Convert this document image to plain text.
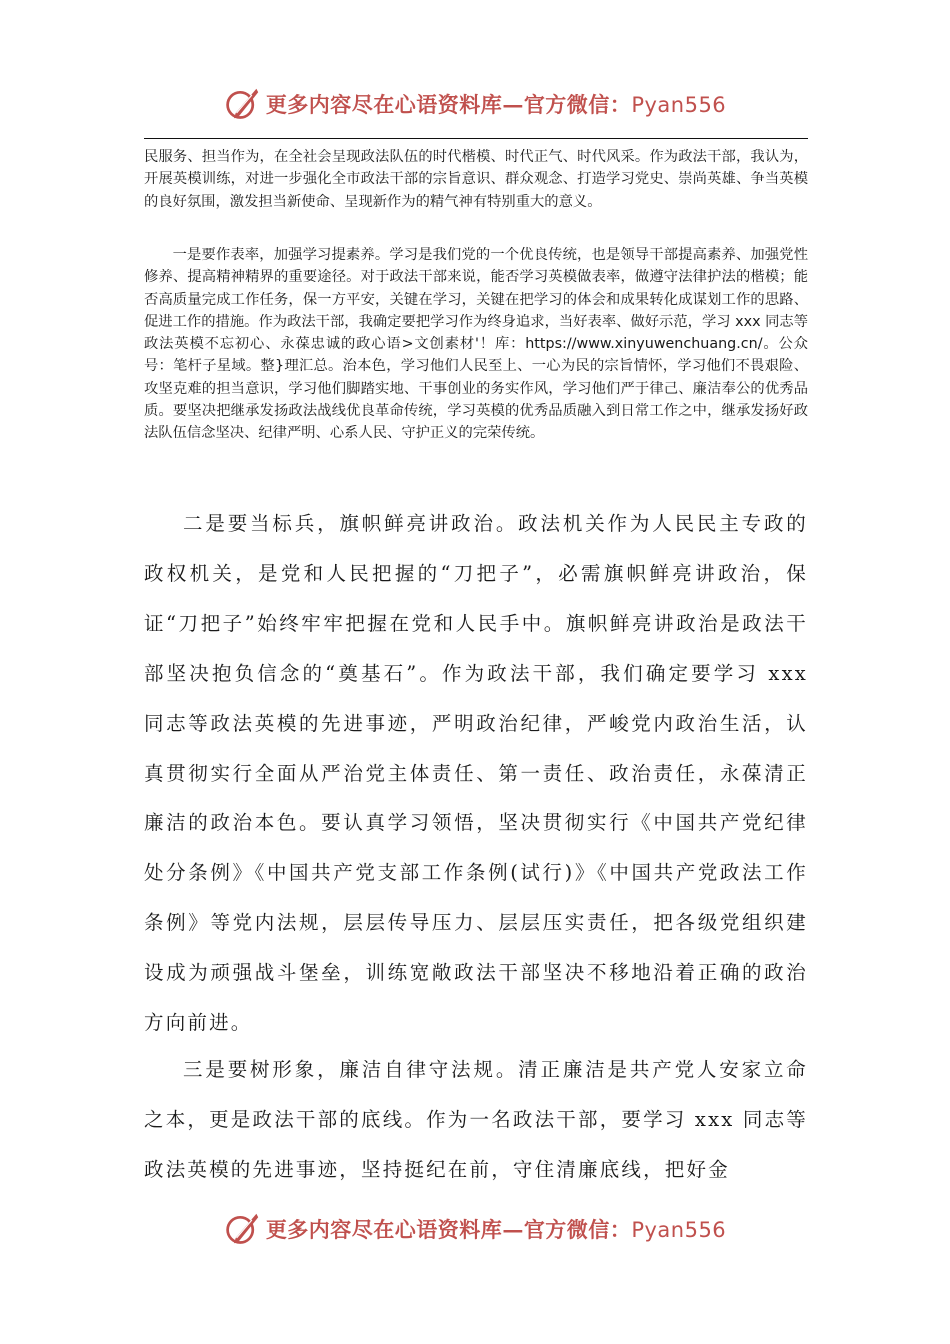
更多内容尽在心语资料库—官方微信：Pyan556

民服务、担当作为，在全社会呈现政法队伍的时代楷模、时代正气、时代风采。作为政法干部，我认为，开展英模训练，对进一步强化全市政法干部的宗旨意识、群众观念、打造学习党史、崇尚英雄、争当英模的良好氛围，激发担当新使命、呈现新作为的精气神有特别重大的意义。

一是要作表率，加强学习提素养。学习是我们党的一个优良传统，也是领导干部提高素养、加强党性修养、提高精神精界的重要途径。对于政法干部来说，能否学习英模做表率，做遵守法律护法的楷模；能否高质量完成工作任务，保一方平安，关键在学习，关键在把学习的体会和成果转化成谋划工作的思路、促进工作的措施。作为政法干部，我确定要把学习作为终身追求，当好表率、做好示范，学习 xxx 同志等政法英模不忘初心、永葆忠诚的政心语>文创素材'！库：https://www.xinyuwenchuang.cn/。公众号：笔杆子星域。整}理汇总。治本色，学习他们人民至上、一心为民的宗旨情怀，学习他们不畏艰险、攻坚克难的担当意识，学习他们脚踏实地、干事创业的务实作风，学习他们严于律己、廉洁奉公的优秀品质。要坚决把继承发扬政法战线优良革命传统，学习英模的优秀品质融入到日常工作之中，继承发扬好政法队伍信念坚决、纪律严明、心系人民、守护正义的完荣传统。

二是要当标兵，旗帜鲜亮讲政治。政法机关作为人民民主专政的政权机关，是党和人民把握的“刀把子”，必需旗帜鲜亮讲政治，保证“刀把子”始终牢牢把握在党和人民手中。旗帜鲜亮讲政治是政法干部坚决抱负信念的“奠基石”。作为政法干部，我们确定要学习 xxx 同志等政法英模的先进事迹，严明政治纪律，严峻党内政治生活，认真贯彻实行全面从严治党主体责任、第一责任、政治责任，永葆清正廉洁的政治本色。要认真学习领悟，坚决贯彻实行《中国共产党纪律处分条例》《中国共产党支部工作条例(试行)》《中国共产党政法工作条例》等党内法规，层层传导压力、层层压实责任，把各级党组织建设成为顽强战斗堡垒，训练宽敞政法干部坚决不移地沿着正确的政治方向前进。

三是要树形象，廉洁自律守法规。清正廉洁是共产党人安家立命之本，更是政法干部的底线。作为一名政法干部，要学习 xxx 同志等政法英模的先进事迹，坚持挺纪在前，守住清廉底线，把好金

更多内容尽在心语资料库—官方微信：Pyan556
